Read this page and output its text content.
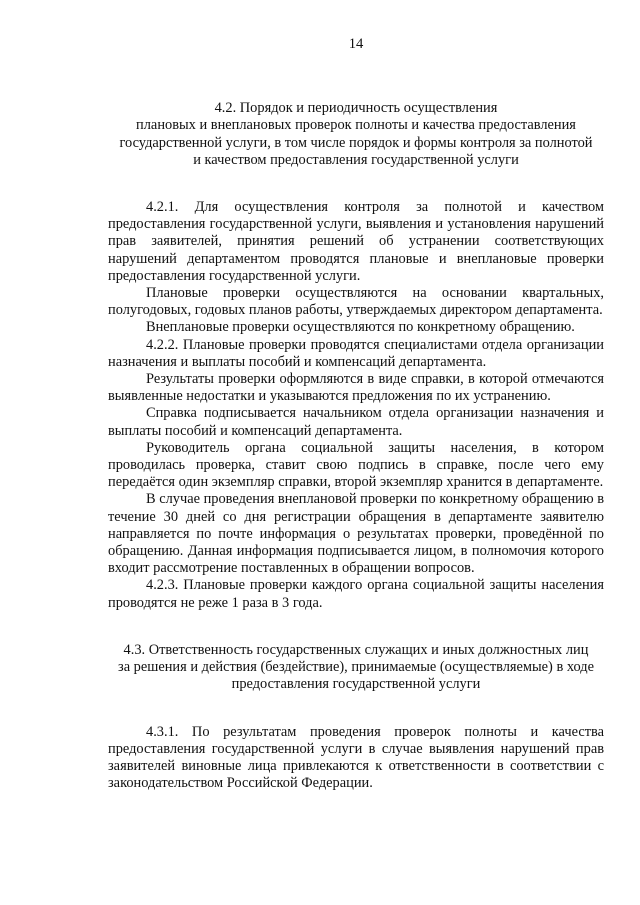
14
4.2. Порядок и периодичность осуществления
плановых и внеплановых проверок полноты и качества предоставления
государственной услуги, в том числе порядок и формы контроля за полнотой
и качеством предоставления государственной услуги

4.2.1. Для осуществления контроля за полнотой и качеством предоставления государственной услуги, выявления и установления нарушений прав заявителей, принятия решений об устранении соответствующих нарушений департаментом проводятся плановые и внеплановые проверки предоставления государственной услуги.

Плановые проверки осуществляются на основании квартальных, полугодовых, годовых планов работы, утверждаемых директором департамента.

Внеплановые проверки осуществляются по конкретному обращению.

4.2.2. Плановые проверки проводятся специалистами отдела организации назначения и выплаты пособий и компенсаций департамента.

Результаты проверки оформляются в виде справки, в которой отмечаются выявленные недостатки и указываются предложения по их устранению.

Справка подписывается начальником отдела организации назначения и выплаты пособий и компенсаций департамента.

Руководитель органа социальной защиты населения, в котором проводилась проверка, ставит свою подпись в справке, после чего ему передаётся один экземпляр справки, второй экземпляр хранится в департаменте.

В случае проведения внеплановой проверки по конкретному обращению в течение 30 дней со дня регистрации обращения в департаменте заявителю направляется по почте информация о результатах проверки, проведённой по обращению. Данная информация подписывается лицом, в полномочия которого входит рассмотрение поставленных в обращении вопросов.

4.2.3. Плановые проверки каждого органа социальной защиты населения проводятся не реже 1 раза в 3 года.

4.3. Ответственность государственных служащих и иных должностных лиц
за решения и действия (бездействие), принимаемые (осуществляемые) в ходе
предоставления государственной услуги

4.3.1. По результатам проведения проверок полноты и качества предоставления государственной услуги в случае выявления нарушений прав заявителей виновные лица привлекаются к ответственности в соответствии с законодательством Российской Федерации.
